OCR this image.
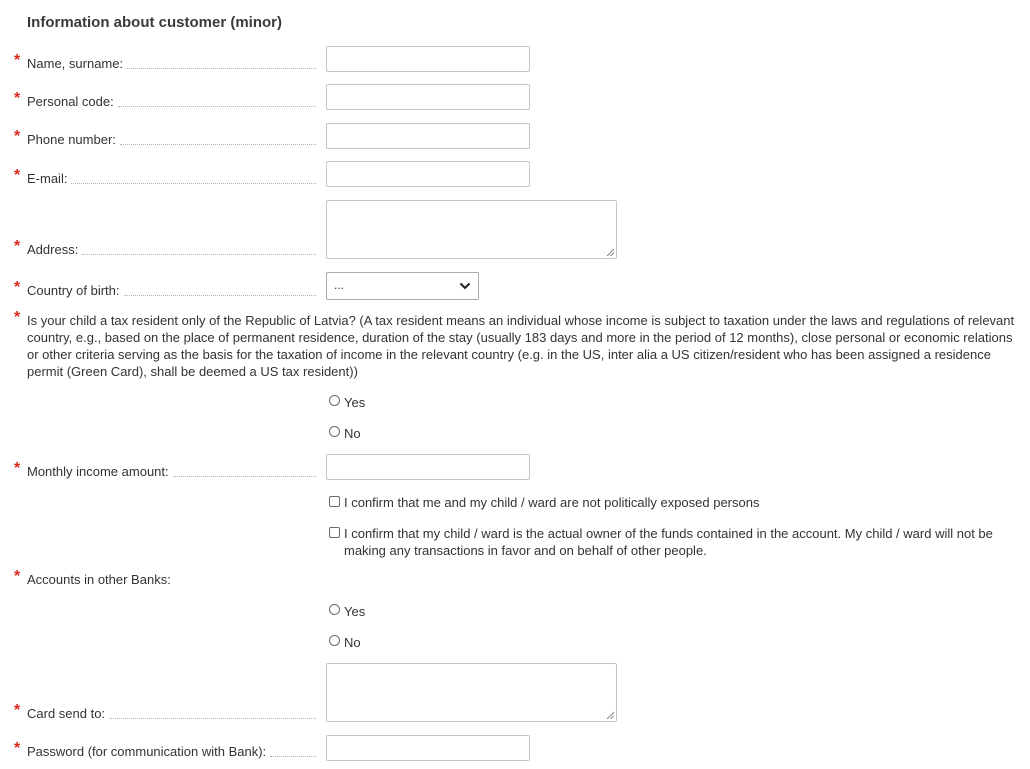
Information about customer (minor)
* Name, surname:
* Personal code:
* Phone number:
* E-mail:
* Address:
* Country of birth:	...
* Is your child a tax resident only of the Republic of Latvia? (A tax resident means an individual whose income is subject to taxation under the laws and regulations of relevant country, e.g., based on the place of permanent residence, duration of the stay (usually 183 days and more in the period of 12 months), close personal or economic relations or other criteria serving as the basis for the taxation of income in the relevant country (e.g. in the US, inter alia a US citizen/resident who has been assigned a residence permit (Green Card), shall be deemed a US tax resident))

Yes
No
* Monthly income amount:
I confirm that me and my child / ward are not politically exposed persons
I confirm that my child / ward is the actual owner of the funds contained in the account. My child / ward will not be making any transactions in favor and on behalf of other people.
* Accounts in other Banks:
Yes
No
* Card send to:
* Password (for communication with Bank):
